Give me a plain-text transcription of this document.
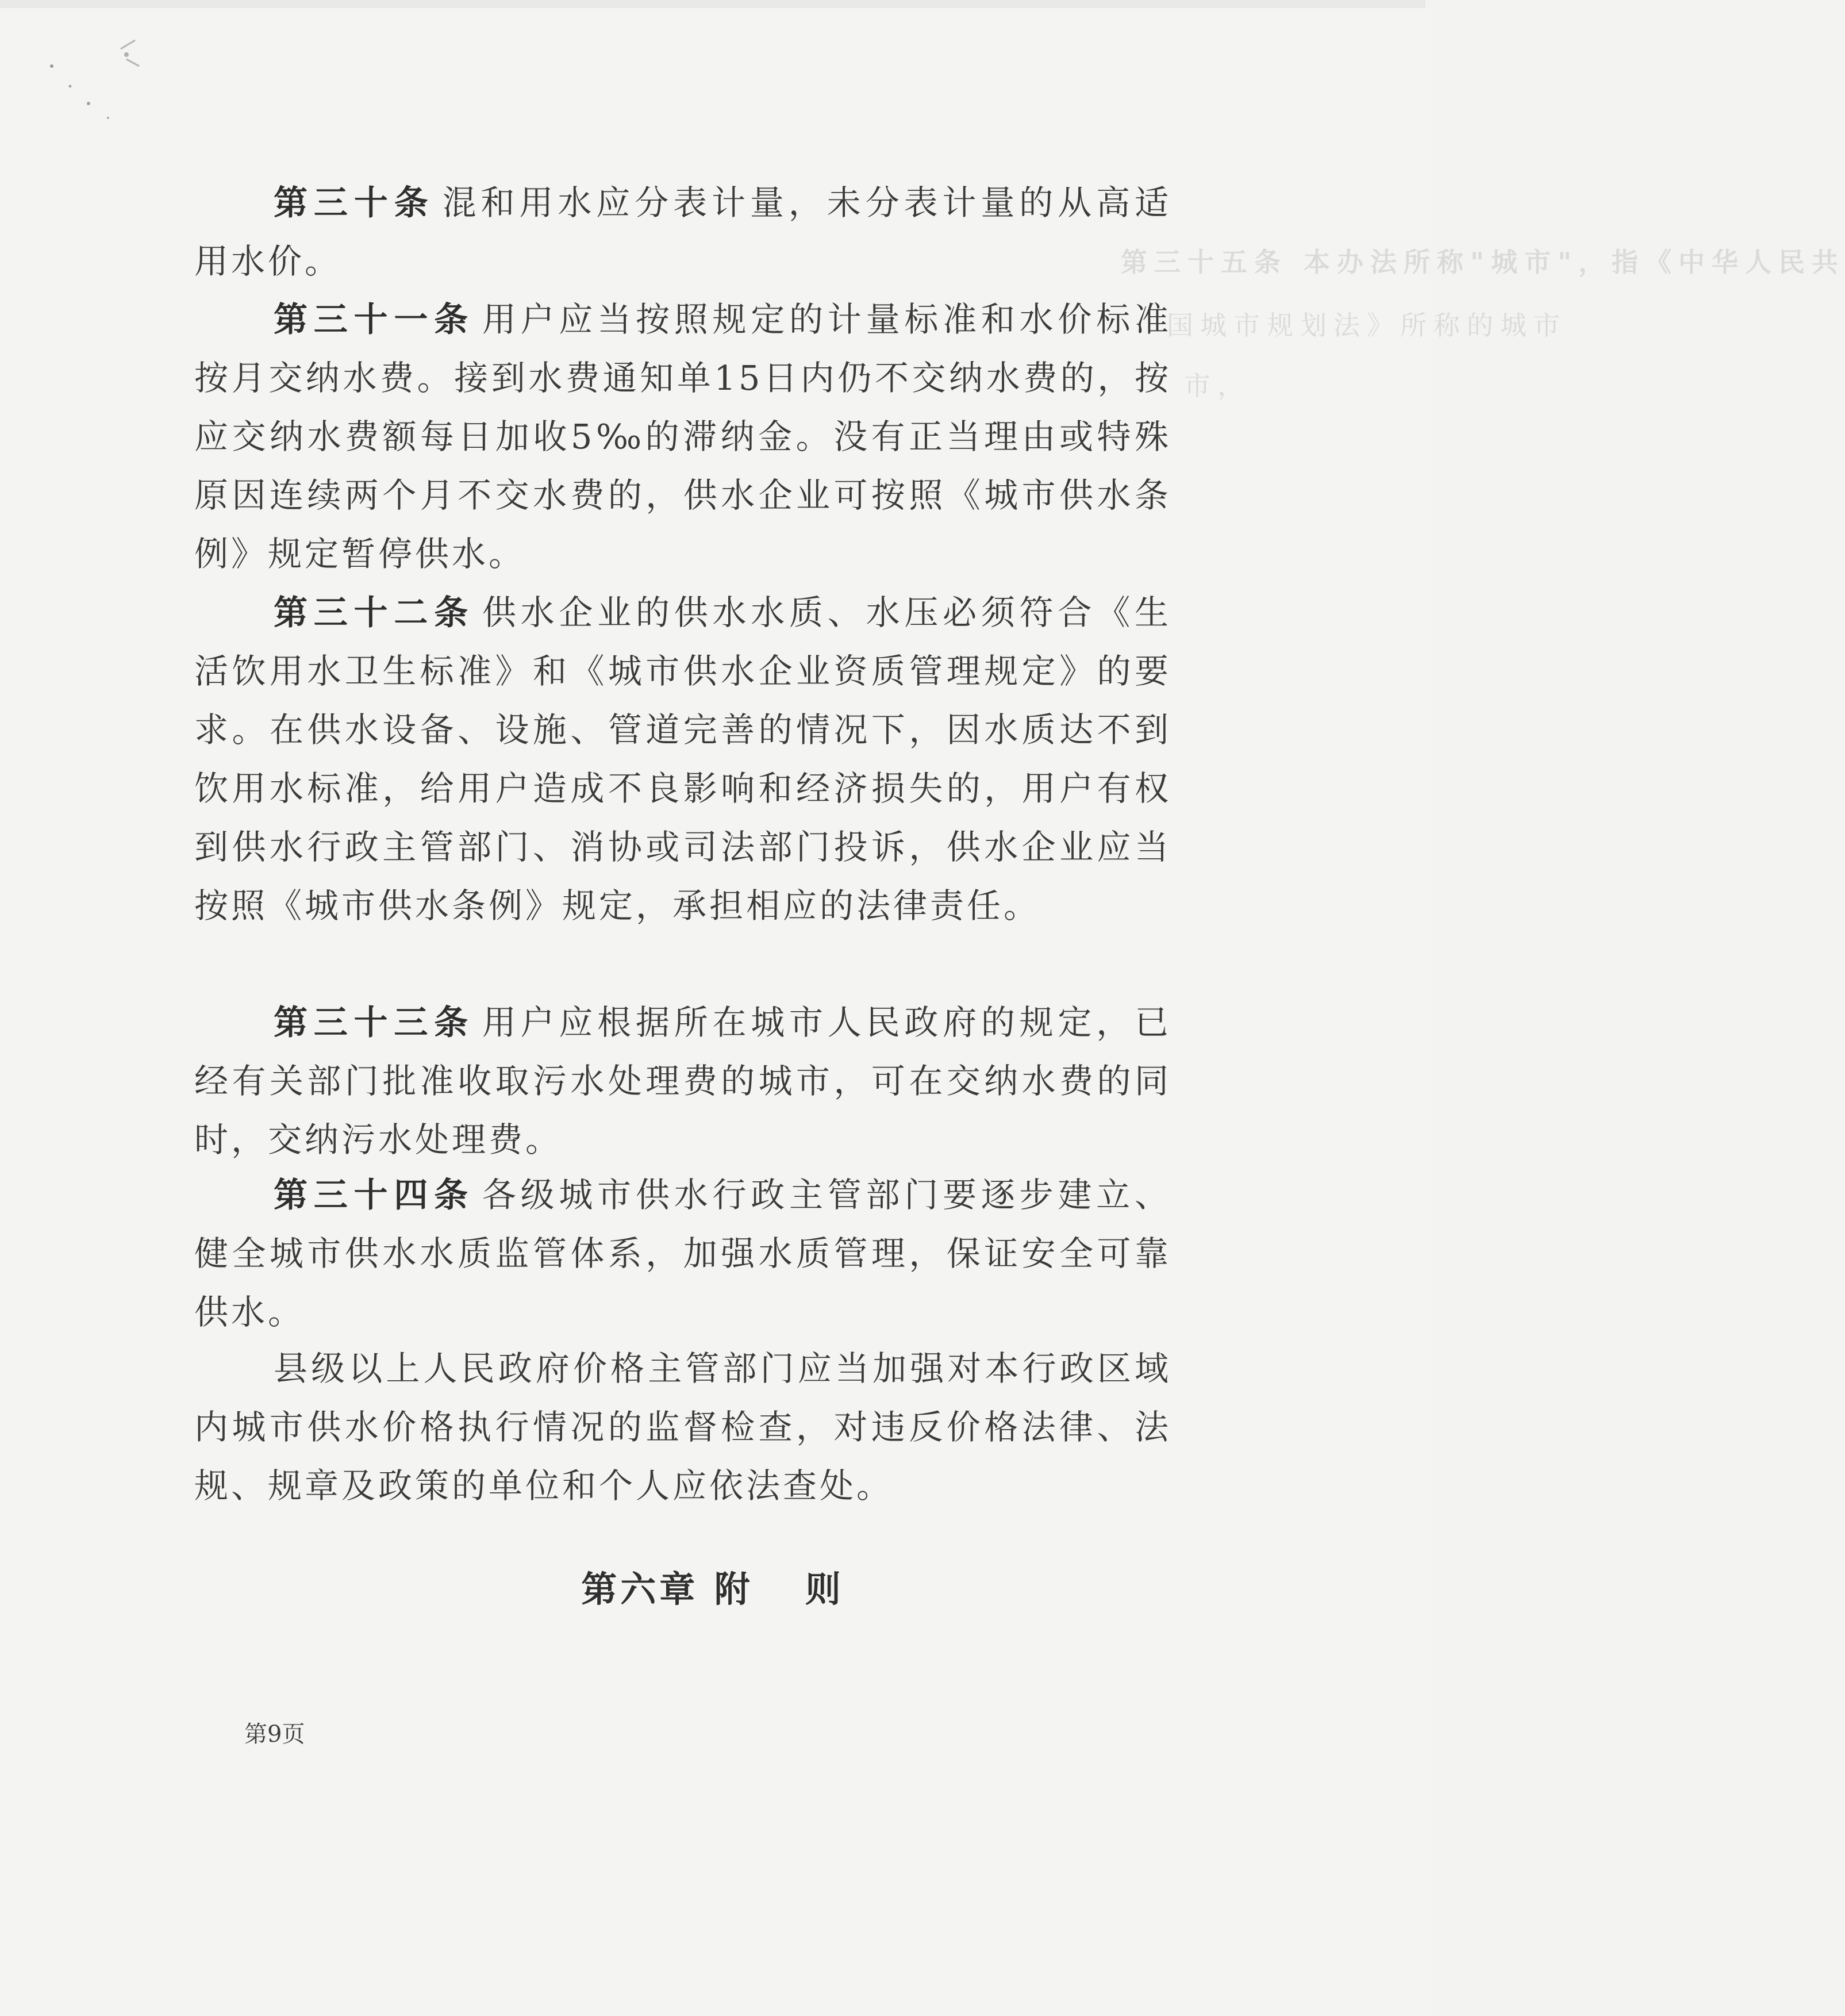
第三十五条 本办法所称"城市"，指《中华人民共
国城市规划法》所称的城市
市，

第三十条 混和用水应分表计量，未分表计量的从高适用水价。

第三十一条 用户应当按照规定的计量标准和水价标准按月交纳水费。接到水费通知单15日内仍不交纳水费的，按应交纳水费额每日加收5‰的滞纳金。没有正当理由或特殊原因连续两个月不交水费的，供水企业可按照《城市供水条例》规定暂停供水。

第三十二条 供水企业的供水水质、水压必须符合《生活饮用水卫生标准》和《城市供水企业资质管理规定》的要求。在供水设备、设施、管道完善的情况下，因水质达不到饮用水标准，给用户造成不良影响和经济损失的，用户有权到供水行政主管部门、消协或司法部门投诉，供水企业应当按照《城市供水条例》规定，承担相应的法律责任。

第三十三条 用户应根据所在城市人民政府的规定，已经有关部门批准收取污水处理费的城市，可在交纳水费的同时，交纳污水处理费。

第三十四条 各级城市供水行政主管部门要逐步建立、健全城市供水水质监管体系，加强水质管理，保证安全可靠供水。

县级以上人民政府价格主管部门应当加强对本行政区域内城市供水价格执行情况的监督检查，对违反价格法律、法规、规章及政策的单位和个人应依法查处。

第六章 附 则
第9页
